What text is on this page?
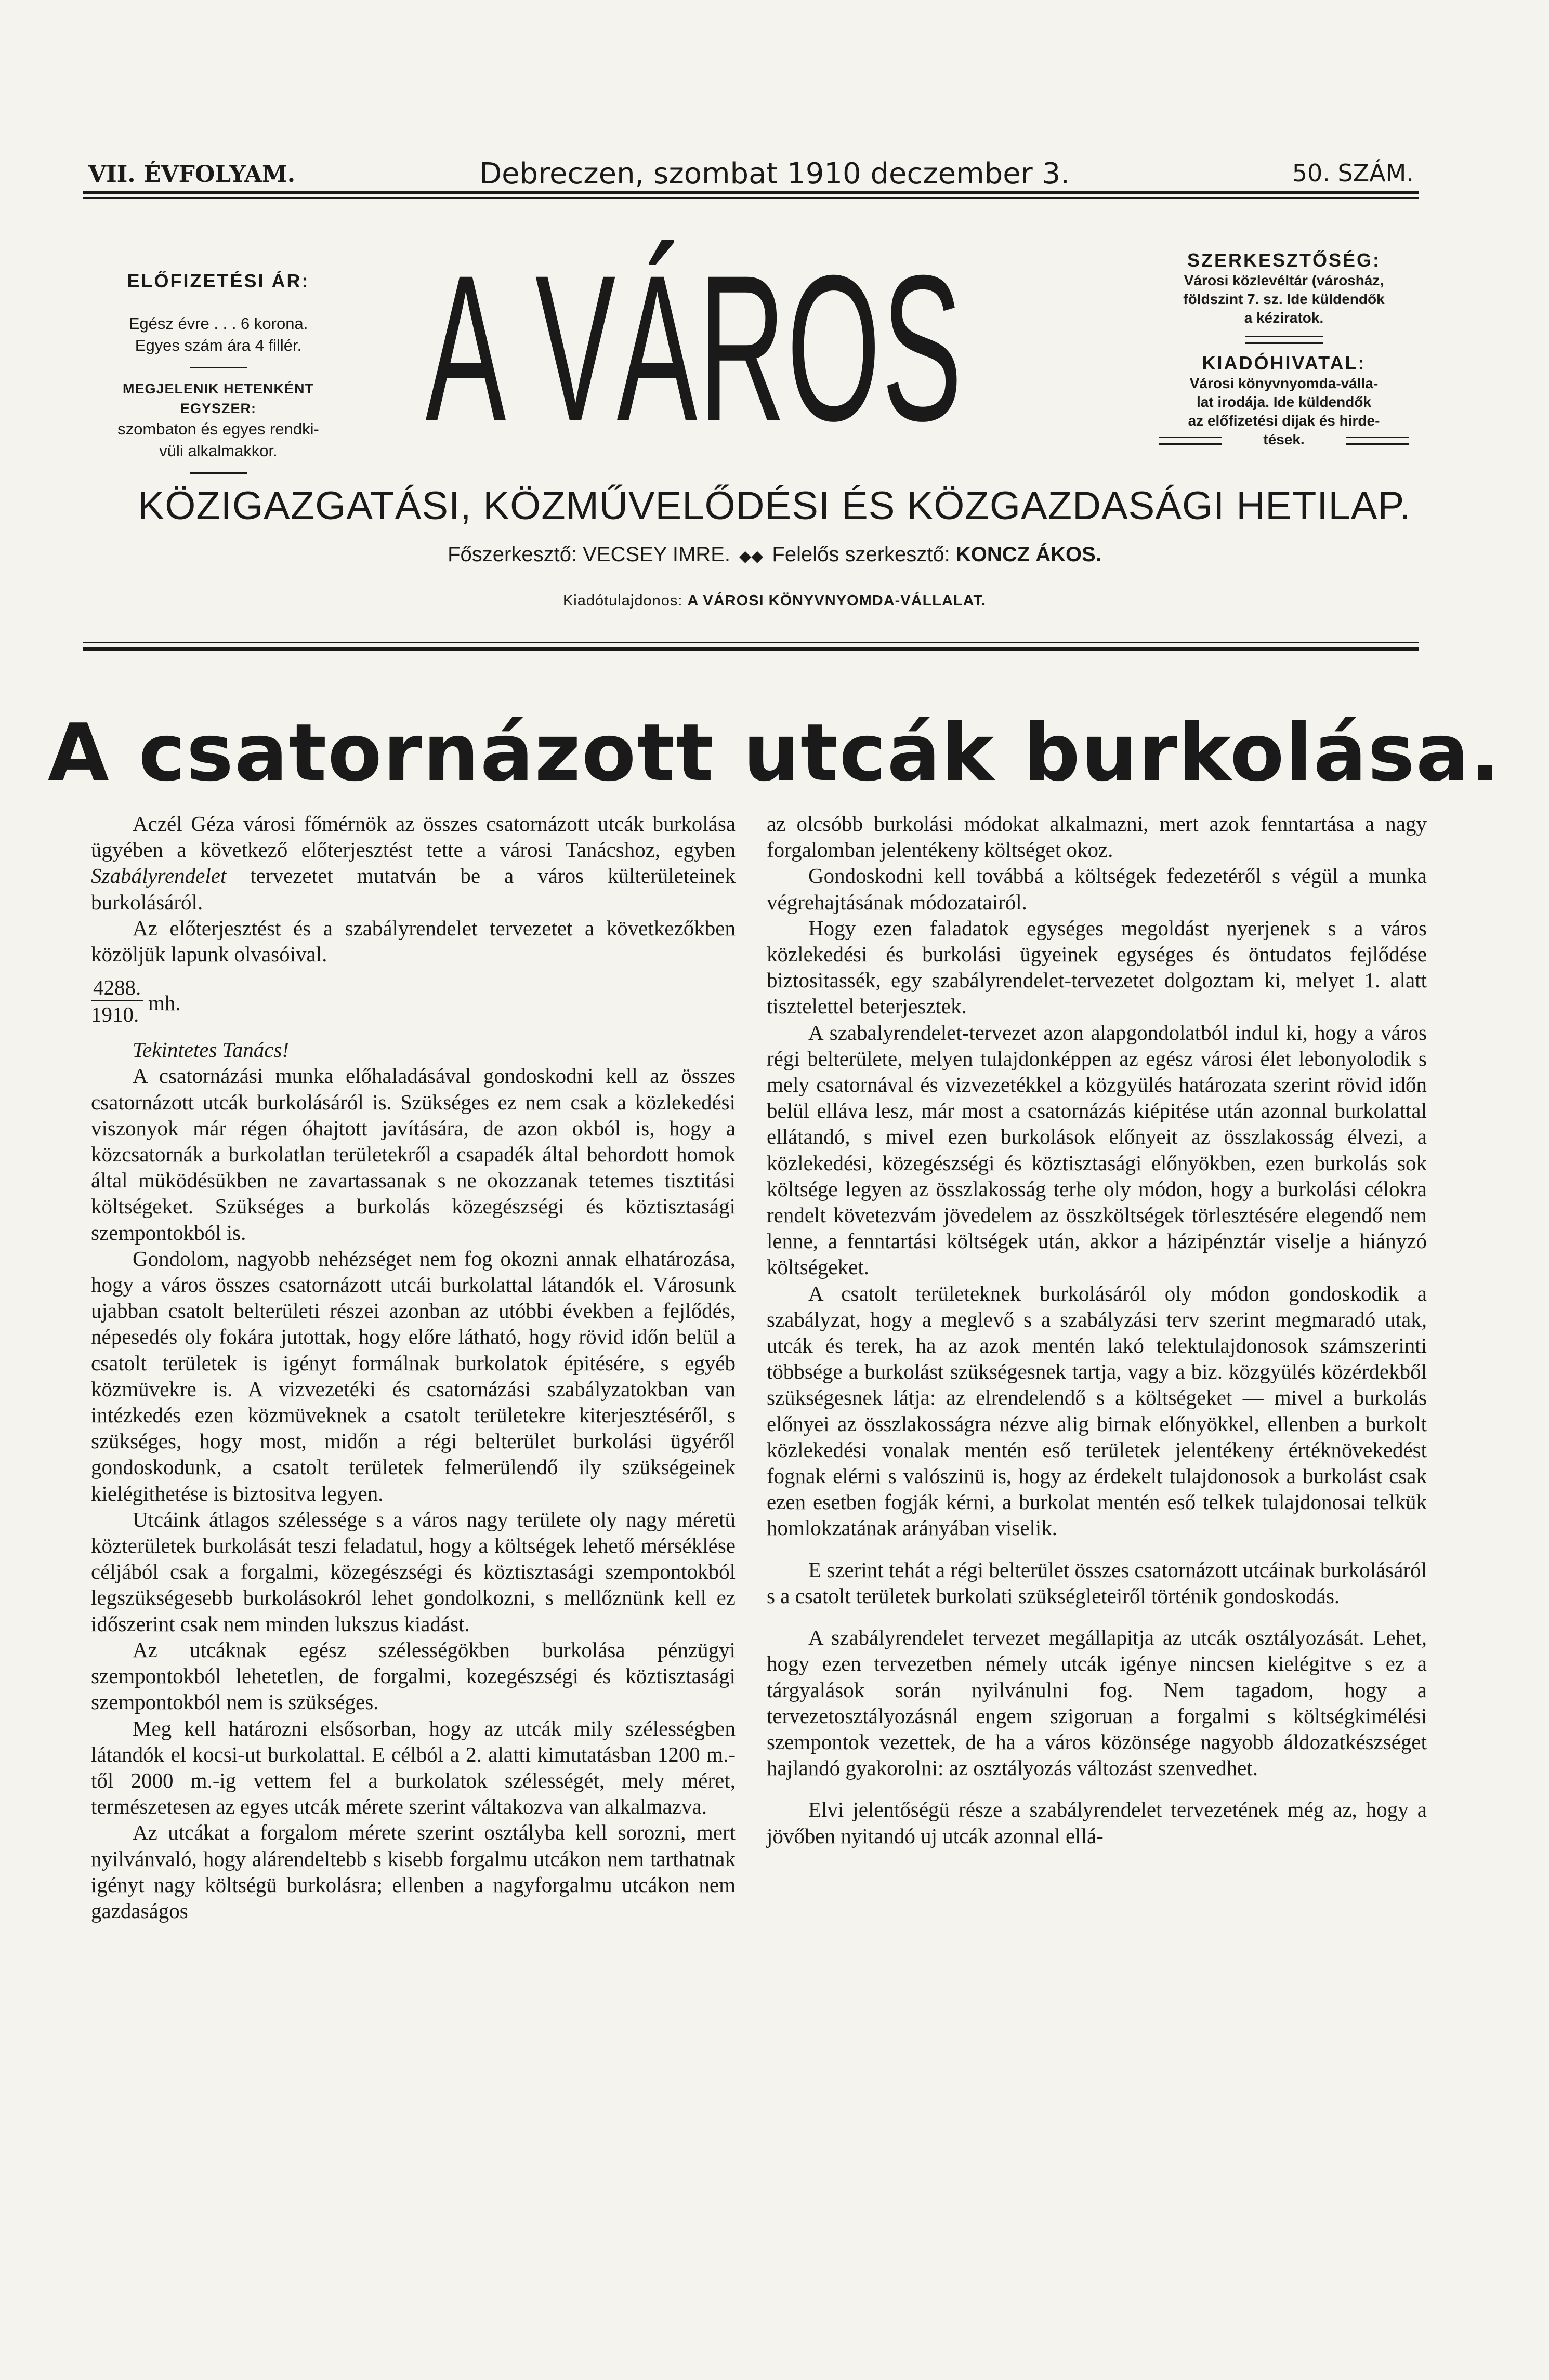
VII. ÉVFOLYAM.	Debreczen, szombat 1910 deczember 3.	50. SZÁM.
ELŐFIZETÉSI ÁR:
Egész évre . . . 6 korona.
Egyes szám ára 4 fillér.
MEGJELENIK HETENKÉNT EGYSZER:
szombaton és egyes rendki-
vüli alkalmakkor. A VÁROS	SZERKESZTŐSÉG:
Városi közlevéltár (városház,
földszint 7. sz. Ide küldendők
a kéziratok.
KIADÓHIVATAL:
Városi könyvnyomda-válla-
lat irodája. Ide küldendők
az előfizetési dijak és hirde-
tések.
KÖZIGAZGATÁSI, KÖZMŰVELŐDÉSI ÉS KÖZGAZDASÁGI HETILAP.
Főszerkesztő: VECSEY IMRE. ◆◆ Felelős szerkesztő: KONCZ ÁKOS.
Kiadótulajdonos: A VÁROSI KÖNYVNYOMDA-VÁLLALAT.
A csatornázott utcák burkolása.

Aczél Géza városi főmérnök az összes csatornázott utcák burkolása ügyében a következő előterjesztést tette a városi Tanácshoz, egyben Szabályrendelet tervezetet mutatván be a város külterületeinek burkolásáról.

Az előterjesztést és a szabályrendelet tervezetet a következőkben közöljük lapunk olvasóival.

4288.
1910. mh.

Tekintetes Tanács!

A csatornázási munka előhaladásával gondoskodni kell az összes csatornázott utcák burkolásáról is. Szükséges ez nem csak a közlekedési viszonyok már régen óhajtott javítására, de azon okból is, hogy a közcsatornák a burkolatlan területekről a csapadék által behordott homok által müködésükben ne zavartassanak s ne okozzanak tetemes tisztitási költségeket. Szükséges a burkolás közegészségi és köztisztasági szempontokból is.

Gondolom, nagyobb nehézséget nem fog okozni annak elhatározása, hogy a város összes csatornázott utcái burkolattal látandók el. Városunk ujabban csatolt belterületi részei azonban az utóbbi években a fejlődés, népesedés oly fokára jutottak, hogy előre látható, hogy rövid időn belül a csatolt területek is igényt formálnak burkolatok épitésére, s egyéb közmüvekre is. A vizvezetéki és csatornázási szabályzatokban van intézkedés ezen közmüveknek a csatolt területekre kiterjesztéséről, s szükséges, hogy most, midőn a régi belterület burkolási ügyéről gondoskodunk, a csatolt területek felmerülendő ily szükségeinek kielégithetése is biztositva legyen.

Utcáink átlagos szélessége s a város nagy területe oly nagy méretü közterületek burkolását teszi feladatul, hogy a költségek lehető mérséklése céljából csak a forgalmi, közegészségi és köztisztasági szempontokból legszükségesebb burkolásokról lehet gondolkozni, s mellőznünk kell ez időszerint csak nem minden lukszus kiadást.

Az utcáknak egész szélességökben burkolása pénzügyi szempontokból lehetetlen, de forgalmi, kozegészségi és köztisztasági szempontokból nem is szükséges.

Meg kell határozni elsősorban, hogy az utcák mily szélességben látandók el kocsi-ut burkolattal. E célból a 2. alatti kimutatásban 1200 m.-től 2000 m.-ig vettem fel a burkolatok szélességét, mely méret, természetesen az egyes utcák mérete szerint váltakozva van alkalmazva.

Az utcákat a forgalom mérete szerint osztályba kell sorozni, mert nyilvánvaló, hogy alárendeltebb s kisebb forgalmu utcákon nem tarthatnak igényt nagy költségü burkolásra; ellenben a nagyforgalmu utcákon nem gazdaságos

az olcsóbb burkolási módokat alkalmazni, mert azok fenntartása a nagy forgalomban jelentékeny költséget okoz.

Gondoskodni kell továbbá a költségek fedezetéről s végül a munka végrehajtásának módozatairól.

Hogy ezen faladatok egységes megoldást nyerjenek s a város közlekedési és burkolási ügyeinek egységes és öntudatos fejlődése biztositassék, egy szabályrendelet-tervezetet dolgoztam ki, melyet 1. alatt tisztelettel beterjesztek.

A szabalyrendelet-tervezet azon alapgondolatból indul ki, hogy a város régi belterülete, melyen tulajdonképpen az egész városi élet lebonyolodik s mely csatornával és vizvezetékkel a közgyülés határozata szerint rövid időn belül elláva lesz, már most a csatornázás kiépitése után azonnal burkolattal ellátandó, s mivel ezen burkolások előnyeit az összlakosság élvezi, a közlekedési, közegészségi és köztisztasági előnyökben, ezen burkolás sok költsége legyen az összlakosság terhe oly módon, hogy a burkolási célokra rendelt követezvám jövedelem az összköltségek törlesztésére elegendő nem lenne, a fenntartási költségek után, akkor a házipénztár viselje a hiányzó költségeket.

A csatolt területeknek burkolásáról oly módon gondoskodik a szabályzat, hogy a meglevő s a szabályzási terv szerint megmaradó utak, utcák és terek, ha az azok mentén lakó telektulajdonosok számszerinti többsége a burkolást szükségesnek tartja, vagy a biz. közgyülés közérdekből szükségesnek látja: az elrendelendő s a költségeket — mivel a burkolás előnyei az összlakosságra nézve alig birnak előnyökkel, ellenben a burkolt közlekedési vonalak mentén eső területek jelentékeny értéknövekedést fognak elérni s valószinü is, hogy az érdekelt tulajdonosok a burkolást csak ezen esetben fogják kérni, a burkolat mentén eső telkek tulajdonosai telkük homlokzatának arányában viselik.

E szerint tehát a régi belterület összes csatornázott utcáinak burkolásáról s a csatolt területek burkolati szükségleteiről történik gondoskodás.

A szabályrendelet tervezet megállapitja az utcák osztályozását. Lehet, hogy ezen tervezetben némely utcák igénye nincsen kielégitve s ez a tárgyalások során nyilvánulni fog. Nem tagadom, hogy a tervezetosztályozásnál engem szigoruan a forgalmi s költségkimélési szempontok vezettek, de ha a város közönsége nagyobb áldozatkészséget hajlandó gyakorolni: az osztályozás változást szenvedhet.

Elvi jelentőségü része a szabályrendelet tervezetének még az, hogy a jövőben nyitandó uj utcák azonnal ellá-
